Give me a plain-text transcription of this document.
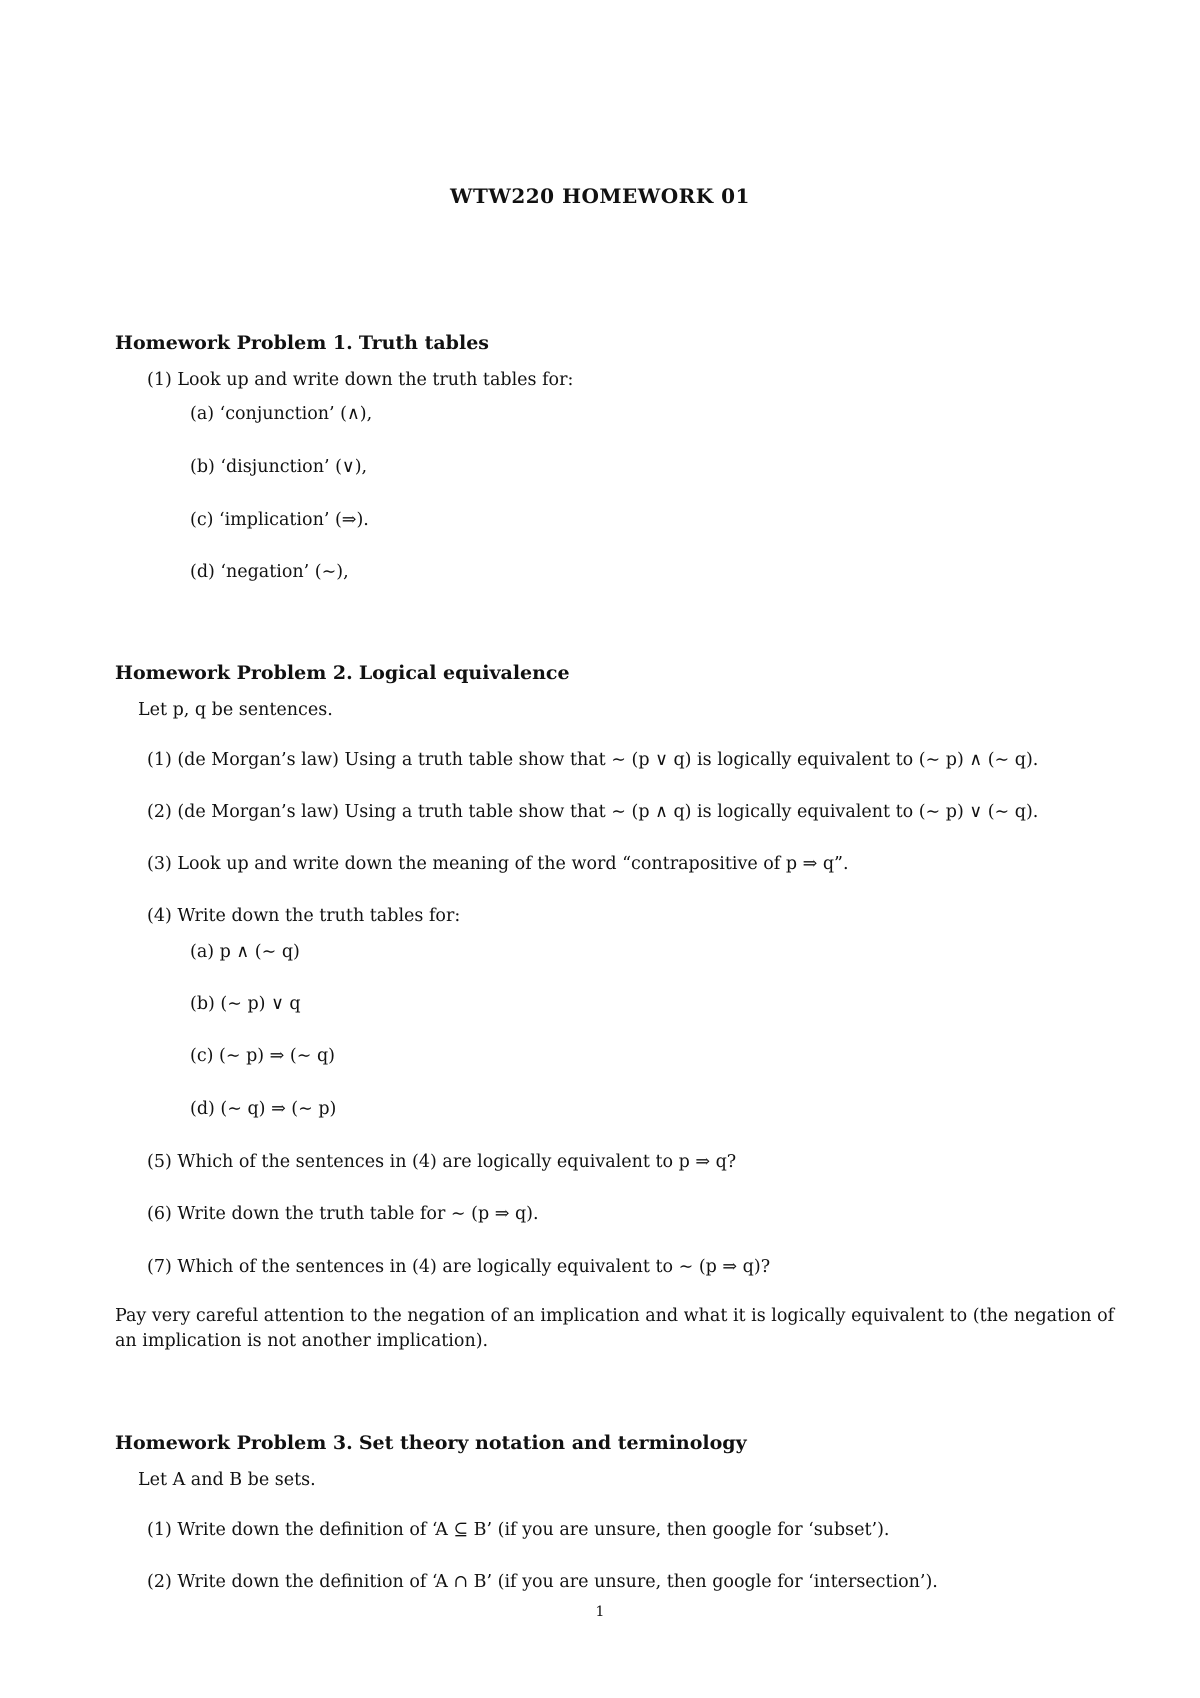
WTW220 HOMEWORK 01
Homework Problem 1. Truth tables
(1) Look up and write down the truth tables for:
(a) ‘conjunction’ (∧),
(b) ‘disjunction’ (∨),
(c) ‘implication’ (⇒).
(d) ‘negation’ (∼),
Homework Problem 2. Logical equivalence
Let p, q be sentences.
(1) (de Morgan’s law) Using a truth table show that ∼ (p ∨ q) is logically equivalent to (∼ p) ∧ (∼ q).
(2) (de Morgan’s law) Using a truth table show that ∼ (p ∧ q) is logically equivalent to (∼ p) ∨ (∼ q).
(3) Look up and write down the meaning of the word “contrapositive of p ⇒ q”.
(4) Write down the truth tables for:
(a) p ∧ (∼ q)
(b) (∼ p) ∨ q
(c) (∼ p) ⇒ (∼ q)
(d) (∼ q) ⇒ (∼ p)
(5) Which of the sentences in (4) are logically equivalent to p ⇒ q?
(6) Write down the truth table for ∼ (p ⇒ q).
(7) Which of the sentences in (4) are logically equivalent to ∼ (p ⇒ q)?
Pay very careful attention to the negation of an implication and what it is logically equivalent to (the negation of an implication is not another implication).
Homework Problem 3. Set theory notation and terminology
Let A and B be sets.
(1) Write down the definition of ‘A ⊆ B’ (if you are unsure, then google for ‘subset’).
(2) Write down the definition of ‘A ∩ B’ (if you are unsure, then google for ‘intersection’).
1
